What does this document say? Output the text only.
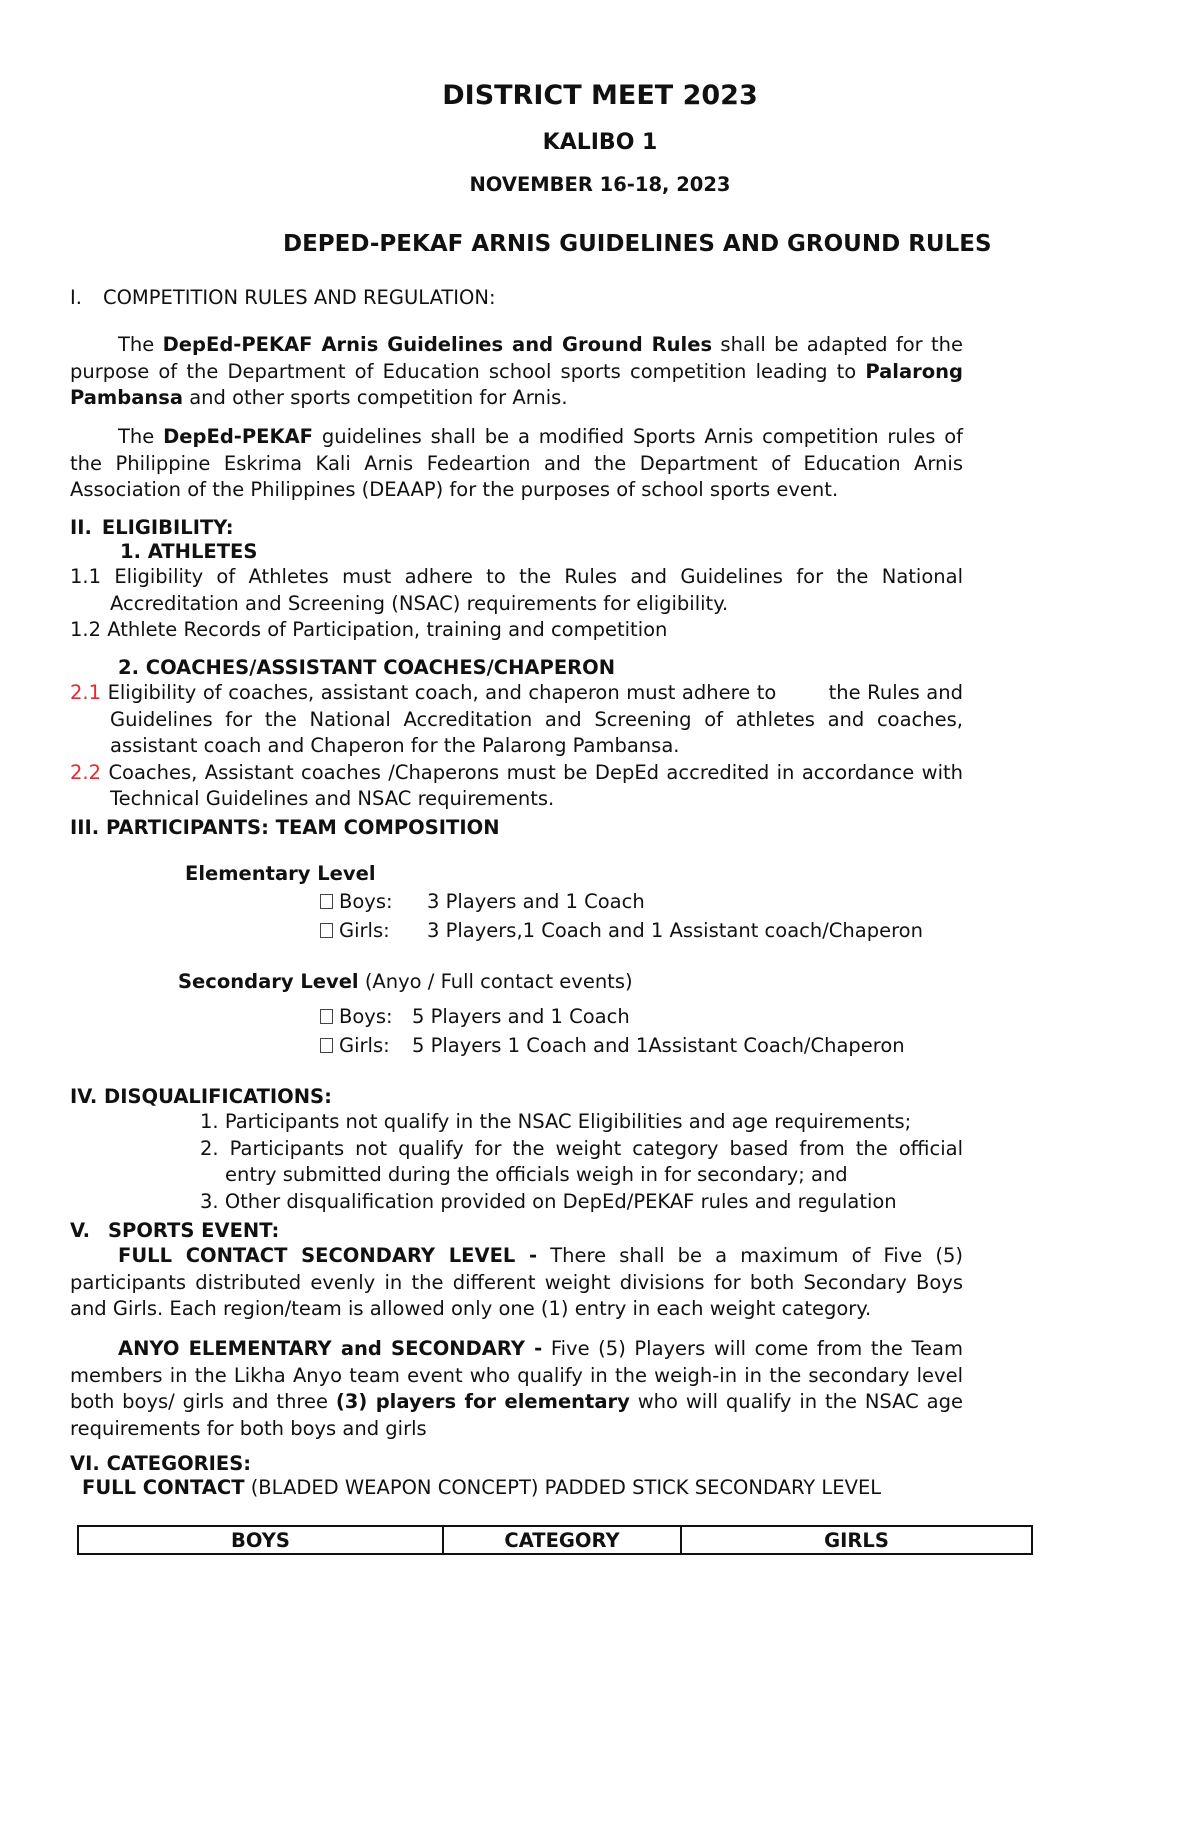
DISTRICT MEET 2023
KALIBO 1
NOVEMBER 16-18, 2023
DEPED-PEKAF ARNIS GUIDELINES AND GROUND RULES
I. COMPETITION RULES AND REGULATION:

The DepEd-PEKAF Arnis Guidelines and Ground Rules shall be adapted for the purpose of the Department of Education school sports competition leading to Palarong Pambansa and other sports competition for Arnis.

The DepEd-PEKAF guidelines shall be a modified Sports Arnis competition rules of the Philippine Eskrima Kali Arnis Fedeartion and the Department of Education Arnis Association of the Philippines (DEAAP) for the purposes of school sports event.

II. ELIGIBILITY:
1. ATHLETES

1.1 Eligibility of Athletes must adhere to the Rules and Guidelines for the National Accreditation and Screening (NSAC) requirements for eligibility.

1.2 Athlete Records of Participation, training and competition

2. COACHES/ASSISTANT COACHES/CHAPERON

2.1 Eligibility of coaches, assistant coach, and chaperon must adhere to        the Rules and Guidelines for the National Accreditation and Screening of athletes and coaches, assistant coach and Chaperon for the Palarong Pambansa.

2.2 Coaches, Assistant coaches /Chaperons must be DepEd accredited in accordance with Technical Guidelines and NSAC requirements.

III. PARTICIPANTS: TEAM COMPOSITION
Elementary Level
Boys: 3 Players and 1 Coach
Girls: 3 Players,1 Coach and 1 Assistant coach/Chaperon
Secondary Level (Anyo / Full contact events)
Boys: 5 Players and 1 Coach
Girls: 5 Players 1 Coach and 1Assistant Coach/Chaperon
IV. DISQUALIFICATIONS:

1. Participants not qualify in the NSAC Eligibilities and age requirements;

2. Participants not qualify for the weight category based from the official entry submitted during the officials weigh in for secondary; and

3. Other disqualification provided on DepEd/PEKAF rules and regulation

V. SPORTS EVENT:

FULL CONTACT SECONDARY LEVEL - There shall be a maximum of Five (5) participants distributed evenly in the different weight divisions for both Secondary Boys and Girls. Each region/team is allowed only one (1) entry in each weight category.

ANYO ELEMENTARY and SECONDARY - Five (5) Players will come from the Team members in the Likha Anyo team event who qualify in the weigh-in in the secondary level both boys/ girls and three (3) players for elementary who will qualify in the NSAC age requirements for both boys and girls

VI. CATEGORIES:
FULL CONTACT (BLADED WEAPON CONCEPT) PADDED STICK SECONDARY LEVEL
BOYS	CATEGORY	GIRLS
